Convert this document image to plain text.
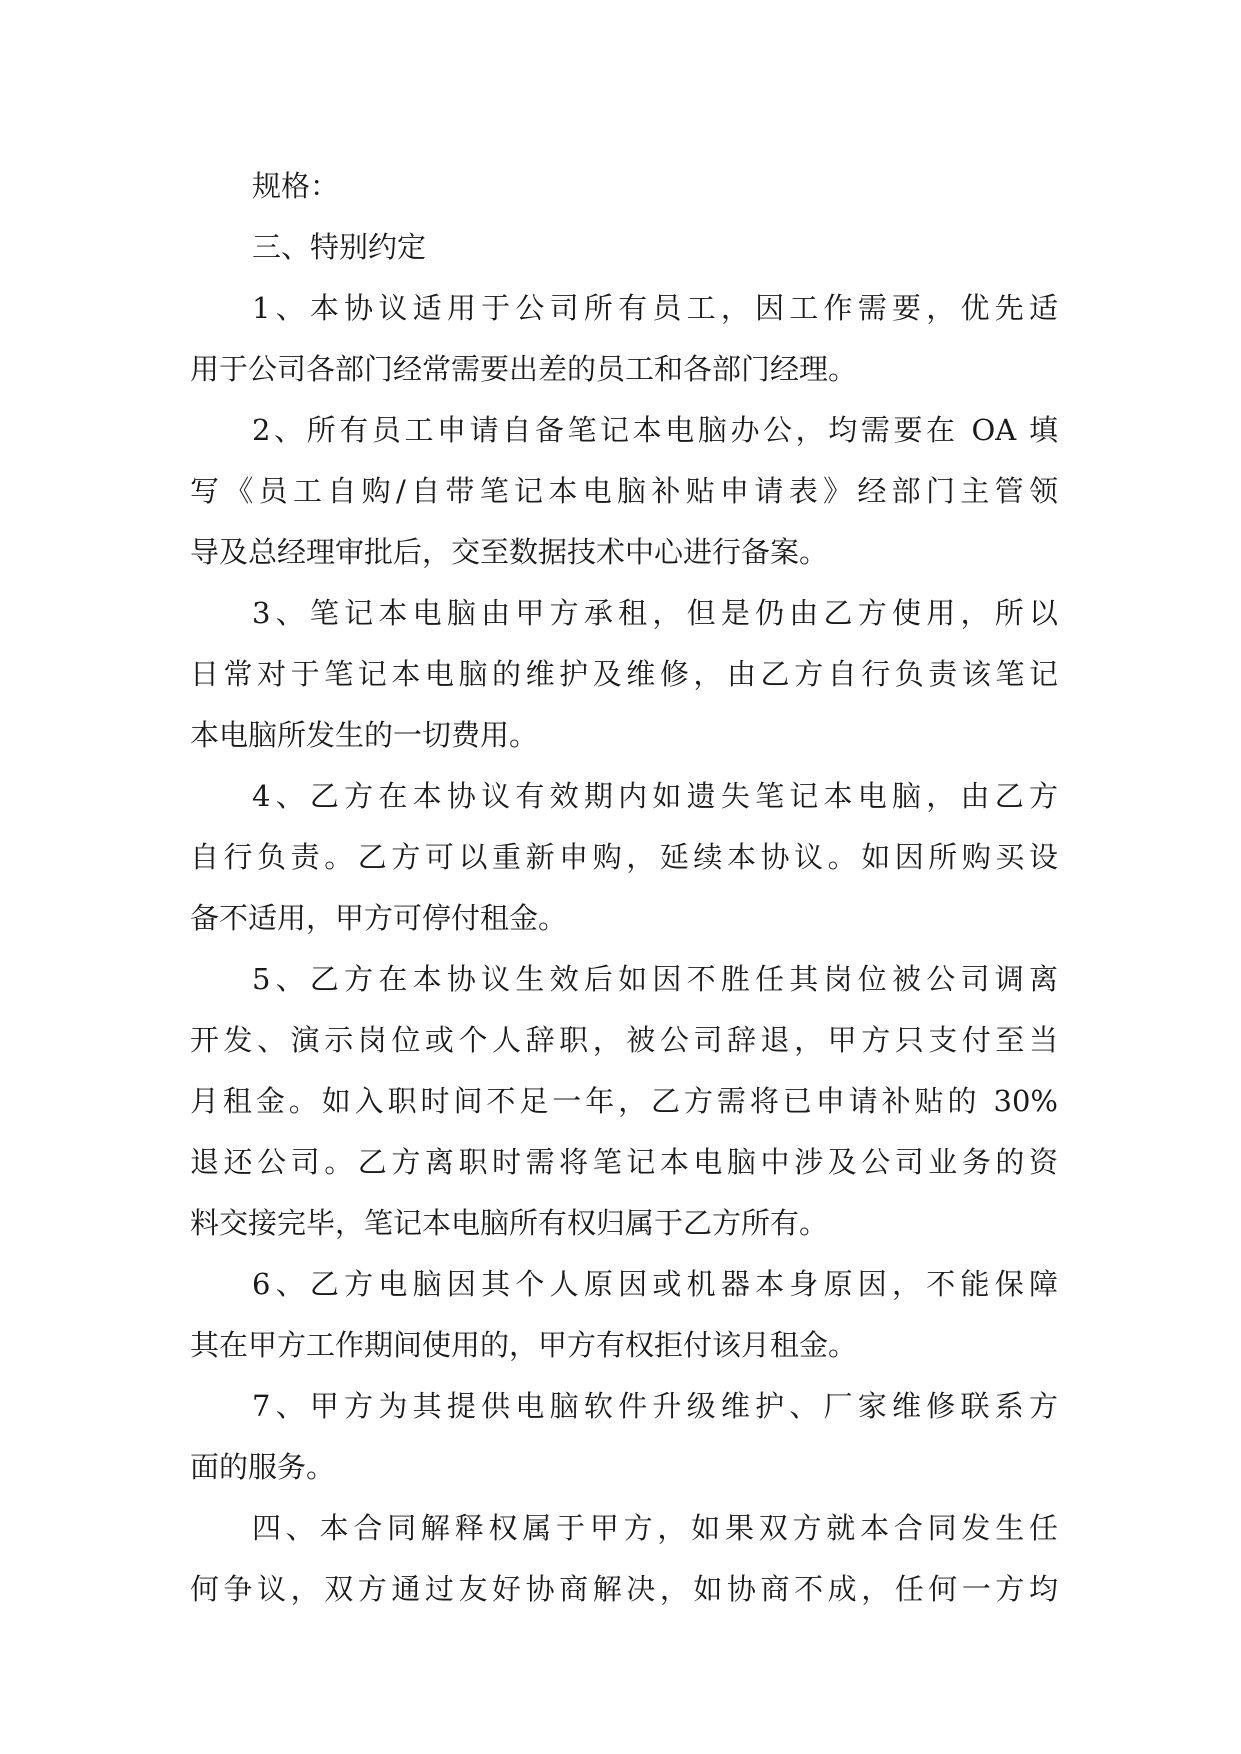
规格：
三、特别约定
1、本协议适用于公司所有员工，因工作需要，优先适
用于公司各部门经常需要出差的员工和各部门经理。
2、所有员工申请自备笔记本电脑办公，均需要在 OA 填
写《员工自购/自带笔记本电脑补贴申请表》经部门主管领
导及总经理审批后，交至数据技术中心进行备案。
3、笔记本电脑由甲方承租，但是仍由乙方使用，所以
日常对于笔记本电脑的维护及维修，由乙方自行负责该笔记
本电脑所发生的一切费用。
4、乙方在本协议有效期内如遗失笔记本电脑，由乙方
自行负责。乙方可以重新申购，延续本协议。如因所购买设
备不适用，甲方可停付租金。
5、乙方在本协议生效后如因不胜任其岗位被公司调离
开发、演示岗位或个人辞职，被公司辞退，甲方只支付至当
月租金。如入职时间不足一年，乙方需将已申请补贴的 30%
退还公司。乙方离职时需将笔记本电脑中涉及公司业务的资
料交接完毕，笔记本电脑所有权归属于乙方所有。
6、乙方电脑因其个人原因或机器本身原因，不能保障
其在甲方工作期间使用的，甲方有权拒付该月租金。
7、甲方为其提供电脑软件升级维护、厂家维修联系方
面的服务。
四、本合同解释权属于甲方，如果双方就本合同发生任
何争议，双方通过友好协商解决，如协商不成，任何一方均
